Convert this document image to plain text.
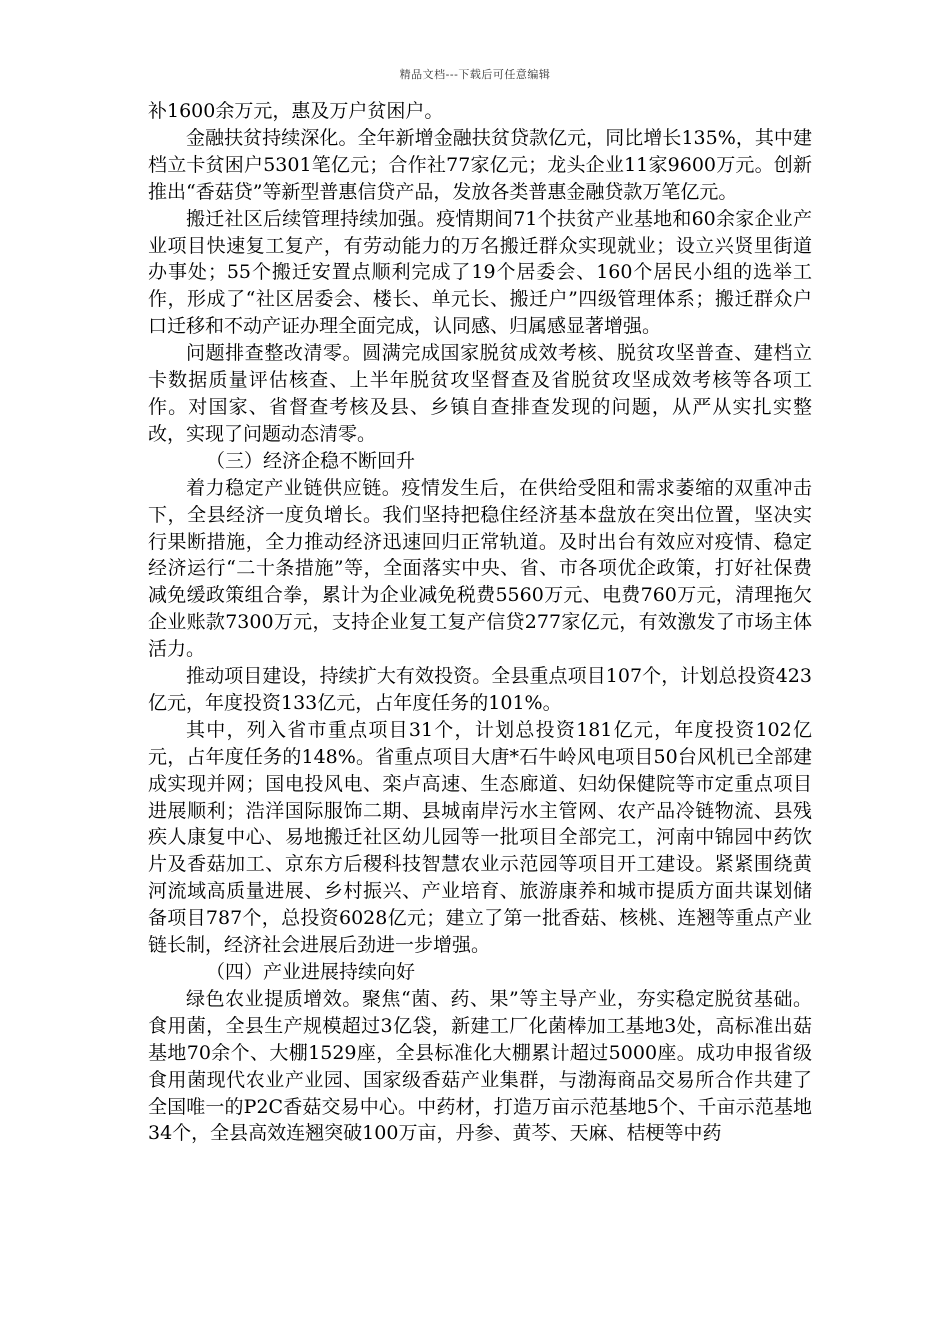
精品文档---下载后可任意编辑

补1600余万元，惠及万户贫困户。

金融扶贫持续深化。全年新增金融扶贫贷款亿元，同比增长135%，其中建档立卡贫困户5301笔亿元；合作社77家亿元；龙头企业11家9600万元。创新推出“香菇贷”等新型普惠信贷产品，发放各类普惠金融贷款万笔亿元。

搬迁社区后续管理持续加强。疫情期间71个扶贫产业基地和60余家企业产业项目快速复工复产，有劳动能力的万名搬迁群众实现就业；设立兴贤里街道办事处；55个搬迁安置点顺利完成了19个居委会、160个居民小组的选举工作，形成了“社区居委会、楼长、单元长、搬迁户”四级管理体系；搬迁群众户口迁移和不动产证办理全面完成，认同感、归属感显著增强。

问题排查整改清零。圆满完成国家脱贫成效考核、脱贫攻坚普查、建档立卡数据质量评估核查、上半年脱贫攻坚督查及省脱贫攻坚成效考核等各项工作。对国家、省督查考核及县、乡镇自查排查发现的问题，从严从实扎实整改，实现了问题动态清零。

（三）经济企稳不断回升

着力稳定产业链供应链。疫情发生后，在供给受阻和需求萎缩的双重冲击下，全县经济一度负增长。我们坚持把稳住经济基本盘放在突出位置，坚决实行果断措施，全力推动经济迅速回归正常轨道。及时出台有效应对疫情、稳定经济运行“二十条措施”等，全面落实中央、省、市各项优企政策，打好社保费减免缓政策组合拳，累计为企业减免税费5560万元、电费760万元，清理拖欠企业账款7300万元，支持企业复工复产信贷277家亿元，有效激发了市场主体活力。

推动项目建设，持续扩大有效投资。全县重点项目107个，计划总投资423亿元，年度投资133亿元，占年度任务的101%。

其中，列入省市重点项目31个，计划总投资181亿元，年度投资102亿元，占年度任务的148%。省重点项目大唐*石牛岭风电项目50台风机已全部建成实现并网；国电投风电、栾卢高速、生态廊道、妇幼保健院等市定重点项目进展顺利；浩洋国际服饰二期、县城南岸污水主管网、农产品冷链物流、县残疾人康复中心、易地搬迁社区幼儿园等一批项目全部完工，河南中锦园中药饮片及香菇加工、京东方后稷科技智慧农业示范园等项目开工建设。紧紧围绕黄河流域高质量进展、乡村振兴、产业培育、旅游康养和城市提质方面共谋划储备项目787个，总投资6028亿元；建立了第一批香菇、核桃、连翘等重点产业链长制，经济社会进展后劲进一步增强。

（四）产业进展持续向好

绿色农业提质增效。聚焦“菌、药、果”等主导产业，夯实稳定脱贫基础。食用菌，全县生产规模超过3亿袋，新建工厂化菌棒加工基地3处，高标准出菇基地70余个、大棚1529座，全县标准化大棚累计超过5000座。成功申报省级食用菌现代农业产业园、国家级香菇产业集群，与渤海商品交易所合作共建了全国唯一的P2C香菇交易中心。中药材，打造万亩示范基地5个、千亩示范基地34个，全县高效连翘突破100万亩，丹参、黄芩、天麻、桔梗等中药
